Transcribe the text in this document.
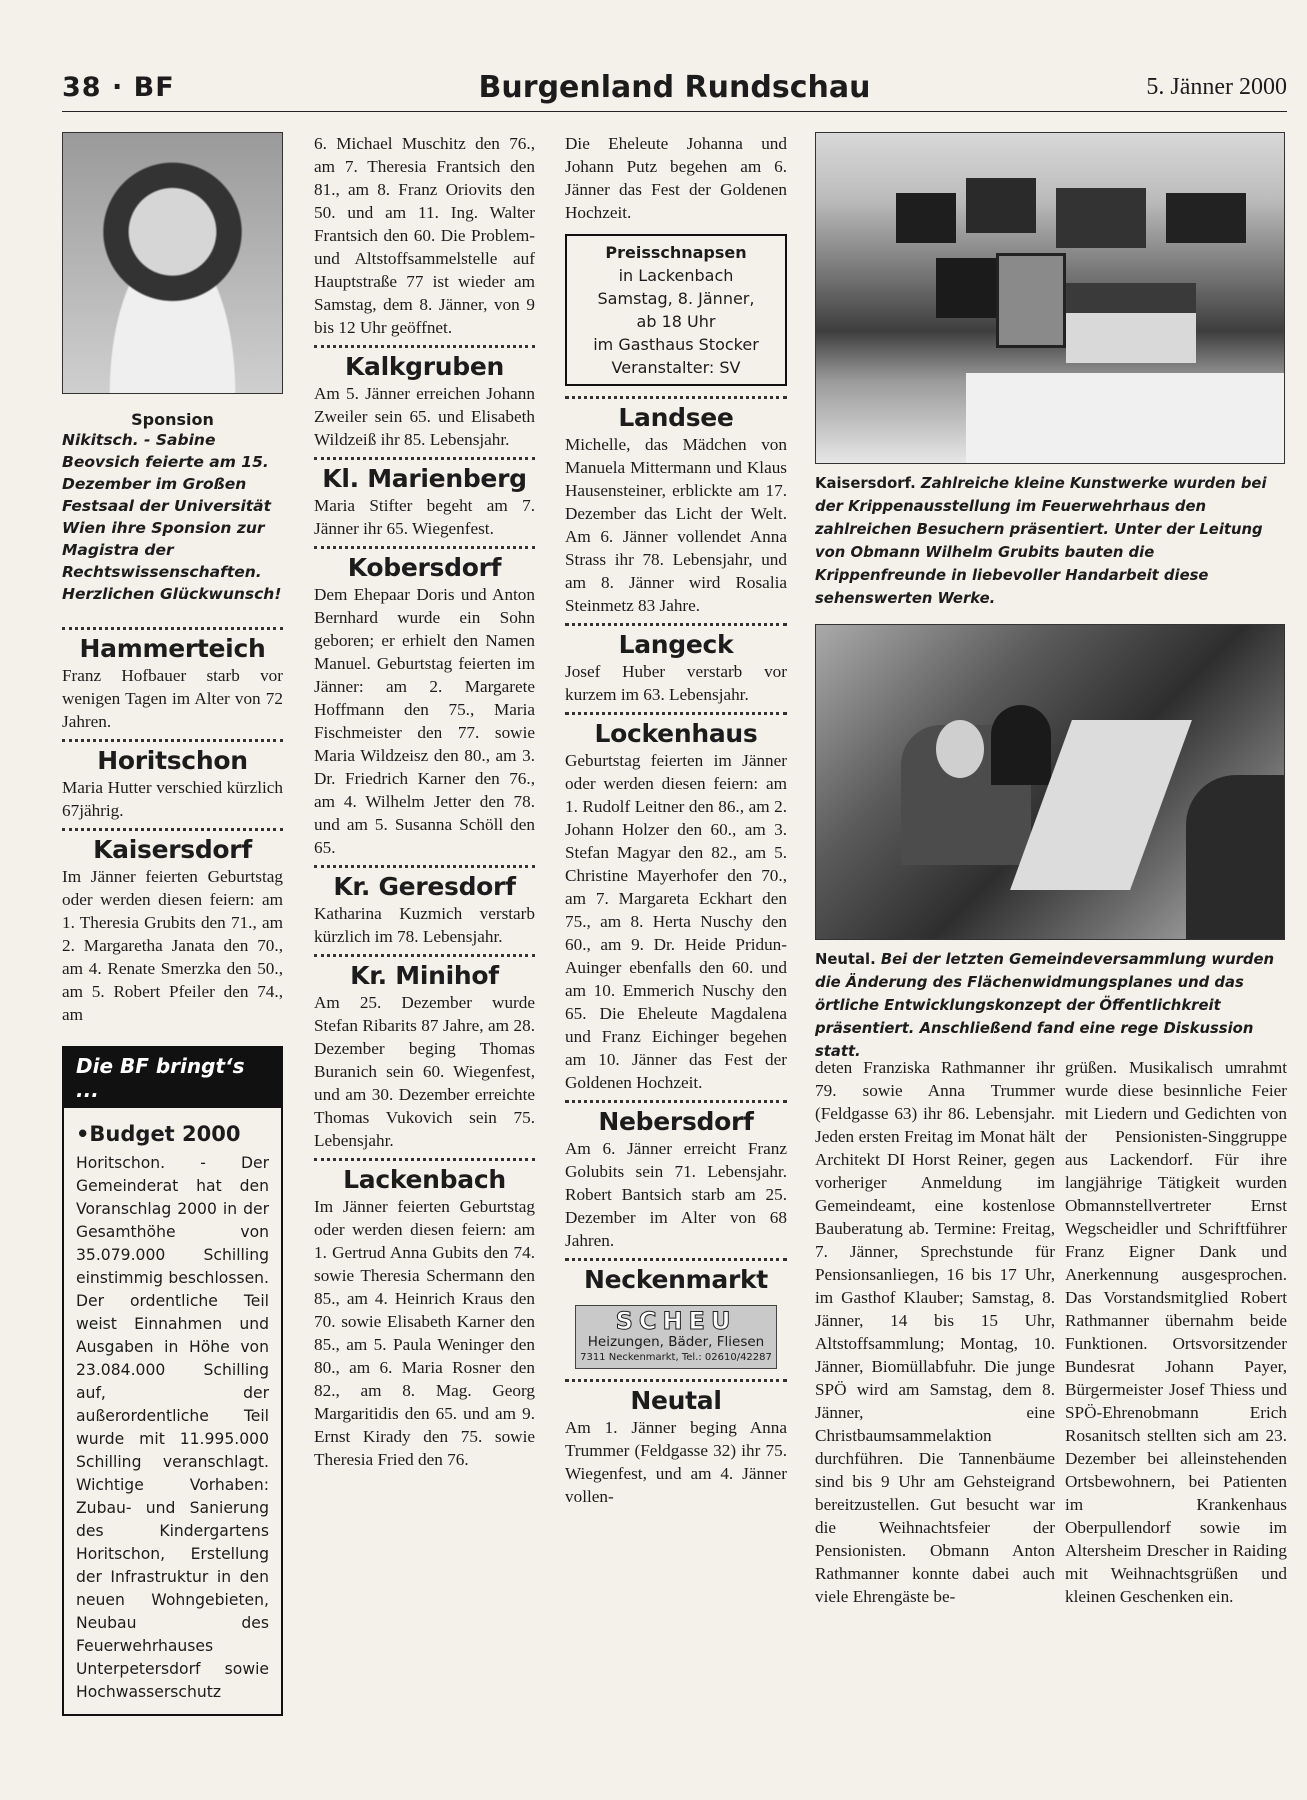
38 · BF	Burgenland Rundschau	5. Jänner 2000
Sponsion
Nikitsch. - Sabine Beovsich feierte am 15. Dezember im Großen Festsaal der Universität Wien ihre Sponsion zur Magistra der Rechtswissenschaften. Herzlichen Glückwunsch!
Hammerteich
Franz Hofbauer starb vor wenigen Tagen im Alter von 72 Jahren.
Horitschon
Maria Hutter verschied kürzlich 67jährig.
Kaisersdorf
Im Jänner feierten Geburtstag oder werden diesen feiern: am 1. Theresia Grubits den 71., am 2. Margaretha Janata den 70., am 4. Renate Smerzka den 50., am 5. Robert Pfeiler den 74., am
Die BF bringt‘s ...
•Budget 2000
Horitschon. - Der Gemeinderat hat den Voranschlag 2000 in der Gesamthöhe von 35.079.000 Schilling einstimmig beschlossen. Der ordentliche Teil weist Einnahmen und Ausgaben in Höhe von 23.084.000 Schilling auf, der außerordentliche Teil wurde mit 11.995.000 Schilling veranschlagt. Wichtige Vorhaben: Zubau- und Sanierung des Kindergartens Horitschon, Erstellung der Infrastruktur in den neuen Wohngebieten, Neubau des Feuerwehrhauses Unterpetersdorf sowie Hochwasserschutz
6. Michael Muschitz den 76., am 7. Theresia Frantsich den 81., am 8. Franz Oriovits den 50. und am 11. Ing. Walter Frantsich den 60. Die Problem- und Altstoffsammelstelle auf Hauptstraße 77 ist wieder am Samstag, dem 8. Jänner, von 9 bis 12 Uhr geöffnet.
Kalkgruben
Am 5. Jänner erreichen Johann Zweiler sein 65. und Elisabeth Wildzeiß ihr 85. Lebensjahr.
Kl. Marienberg
Maria Stifter begeht am 7. Jänner ihr 65. Wiegenfest.
Kobersdorf
Dem Ehepaar Doris und Anton Bernhard wurde ein Sohn geboren; er erhielt den Namen Manuel. Geburtstag feierten im Jänner: am 2. Margarete Hoffmann den 75., Maria Fischmeister den 77. sowie Maria Wildzeisz den 80., am 3. Dr. Friedrich Karner den 76., am 4. Wilhelm Jetter den 78. und am 5. Susanna Schöll den 65.
Kr. Geresdorf
Katharina Kuzmich verstarb kürzlich im 78. Lebensjahr.
Kr. Minihof
Am 25. Dezember wurde Stefan Ribarits 87 Jahre, am 28. Dezember beging Thomas Buranich sein 60. Wiegenfest, und am 30. Dezember erreichte Thomas Vukovich sein 75. Lebensjahr.
Lackenbach
Im Jänner feierten Geburtstag oder werden diesen feiern: am 1. Gertrud Anna Gubits den 74. sowie Theresia Schermann den 85., am 4. Heinrich Kraus den 70. sowie Elisabeth Karner den 85., am 5. Paula Weninger den 80., am 6. Maria Rosner den 82., am 8. Mag. Georg Margaritidis den 65. und am 9. Ernst Kirady den 75. sowie Theresia Fried den 76.
Die Eheleute Johanna und Johann Putz begehen am 6. Jänner das Fest der Goldenen Hochzeit.
Preisschnapsen
in Lackenbach
Samstag, 8. Jänner,
ab 18 Uhr
im Gasthaus Stocker
Veranstalter: SV
Landsee
Michelle, das Mädchen von Manuela Mittermann und Klaus Hausensteiner, erblickte am 17. Dezember das Licht der Welt. Am 6. Jänner vollendet Anna Strass ihr 78. Lebensjahr, und am 8. Jänner wird Rosalia Steinmetz 83 Jahre.
Langeck
Josef Huber verstarb vor kurzem im 63. Lebensjahr.
Lockenhaus
Geburtstag feierten im Jänner oder werden diesen feiern: am 1. Rudolf Leitner den 86., am 2. Johann Holzer den 60., am 3. Stefan Magyar den 82., am 5. Christine Mayerhofer den 70., am 7. Margareta Eckhart den 75., am 8. Herta Nuschy den 60., am 9. Dr. Heide Pridun-Auinger ebenfalls den 60. und am 10. Emmerich Nuschy den 65. Die Eheleute Magdalena und Franz Eichinger begehen am 10. Jänner das Fest der Goldenen Hochzeit.
Nebersdorf
Am 6. Jänner erreicht Franz Golubits sein 71. Lebensjahr. Robert Bantsich starb am 25. Dezember im Alter von 68 Jahren.
Neckenmarkt
SCHEU
Heizungen, Bäder, Fliesen
7311 Neckenmarkt, Tel.: 02610/42287
Neutal
Am 1. Jänner beging Anna Trummer (Feldgasse 32) ihr 75. Wiegenfest, und am 4. Jänner vollen-
Kaisersdorf. Zahlreiche kleine Kunstwerke wurden bei der Krippenausstellung im Feuerwehrhaus den zahlreichen Besuchern präsentiert. Unter der Leitung von Obmann Wilhelm Grubits bauten die Krippenfreunde in liebevoller Handarbeit diese sehenswerten Werke.
Neutal. Bei der letzten Gemeindeversammlung wurden die Änderung des Flächenwidmungsplanes und das örtliche Entwicklungskonzept der Öffentlichkreit präsentiert. Anschließend fand eine rege Diskussion statt.
deten Franziska Rathmanner ihr 79. sowie Anna Trummer (Feldgasse 63) ihr 86. Lebensjahr. Jeden ersten Freitag im Monat hält Architekt DI Horst Reiner, gegen vorheriger Anmeldung im Gemeindeamt, eine kostenlose Bauberatung ab. Termine: Freitag, 7. Jänner, Sprechstunde für Pensionsanliegen, 16 bis 17 Uhr, im Gasthof Klauber; Samstag, 8. Jänner, 14 bis 15 Uhr, Altstoffsammlung; Montag, 10. Jänner, Biomüllabfuhr. Die junge SPÖ wird am Samstag, dem 8. Jänner, eine Christbaumsammelaktion durchführen. Die Tannenbäume sind bis 9 Uhr am Gehsteigrand bereitzustellen. Gut besucht war die Weihnachtsfeier der Pensionisten. Obmann Anton Rathmanner konnte dabei auch viele Ehrengäste be-
grüßen. Musikalisch umrahmt wurde diese besinnliche Feier mit Liedern und Gedichten von der Pensionisten-Singgruppe aus Lackendorf. Für ihre langjährige Tätigkeit wurden Obmannstellvertreter Ernst Wegscheidler und Schriftführer Franz Eigner Dank und Anerkennung ausgesprochen. Das Vorstandsmitglied Robert Rathmanner übernahm beide Funktionen. Ortsvorsitzender Bundesrat Johann Payer, Bürgermeister Josef Thiess und SPÖ-Ehrenobmann Erich Rosanitsch stellten sich am 23. Dezember bei alleinstehenden Ortsbewohnern, bei Patienten im Krankenhaus Oberpullendorf sowie im Altersheim Drescher in Raiding mit Weihnachtsgrüßen und kleinen Geschenken ein.
